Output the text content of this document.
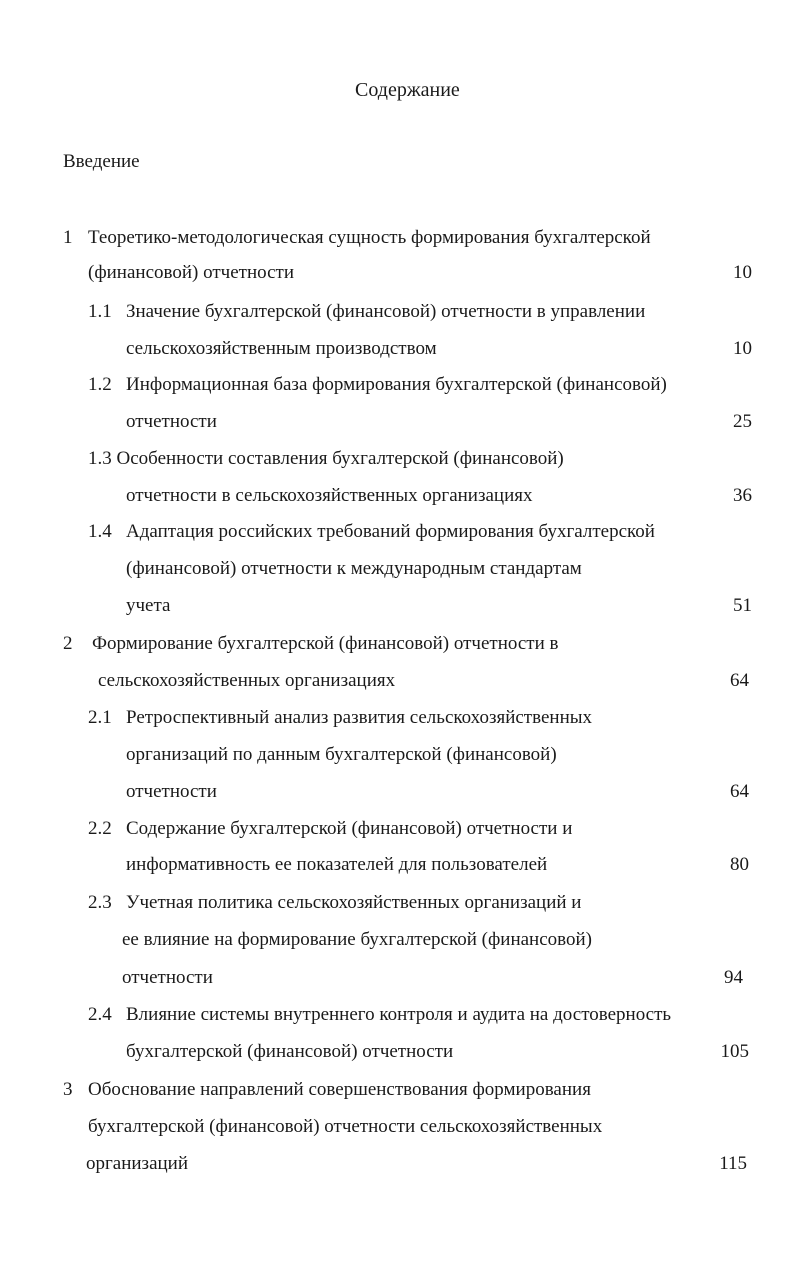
Содержание
Введение
1 Теоретико-методологическая сущность формирования бухгалтерской
(финансовой) отчетности	10
1.1 Значение бухгалтерской (финансовой) отчетности в управлении
сельскохозяйственным производством	10
1.2 Информационная база формирования бухгалтерской (финансовой)
отчетности	25
1.3 Особенности составления бухгалтерской (финансовой)
отчетности в сельскохозяйственных организациях	36
1.4 Адаптация российских требований формирования бухгалтерской
(финансовой) отчетности к международным стандартам
учета	51
2 Формирование бухгалтерской (финансовой) отчетности в
сельскохозяйственных организациях	64
2.1 Ретроспективный анализ развития сельскохозяйственных
организаций по данным бухгалтерской (финансовой)
отчетности	64
2.2 Содержание бухгалтерской (финансовой) отчетности и
информативность ее показателей для пользователей	80
2.3 Учетная политика сельскохозяйственных организаций и
ее влияние на формирование бухгалтерской (финансовой)
отчетности	94
2.4 Влияние системы внутреннего контроля и аудита на достоверность
бухгалтерской (финансовой) отчетности	105
3 Обоснование направлений совершенствования формирования
бухгалтерской (финансовой) отчетности сельскохозяйственных
организаций	115
